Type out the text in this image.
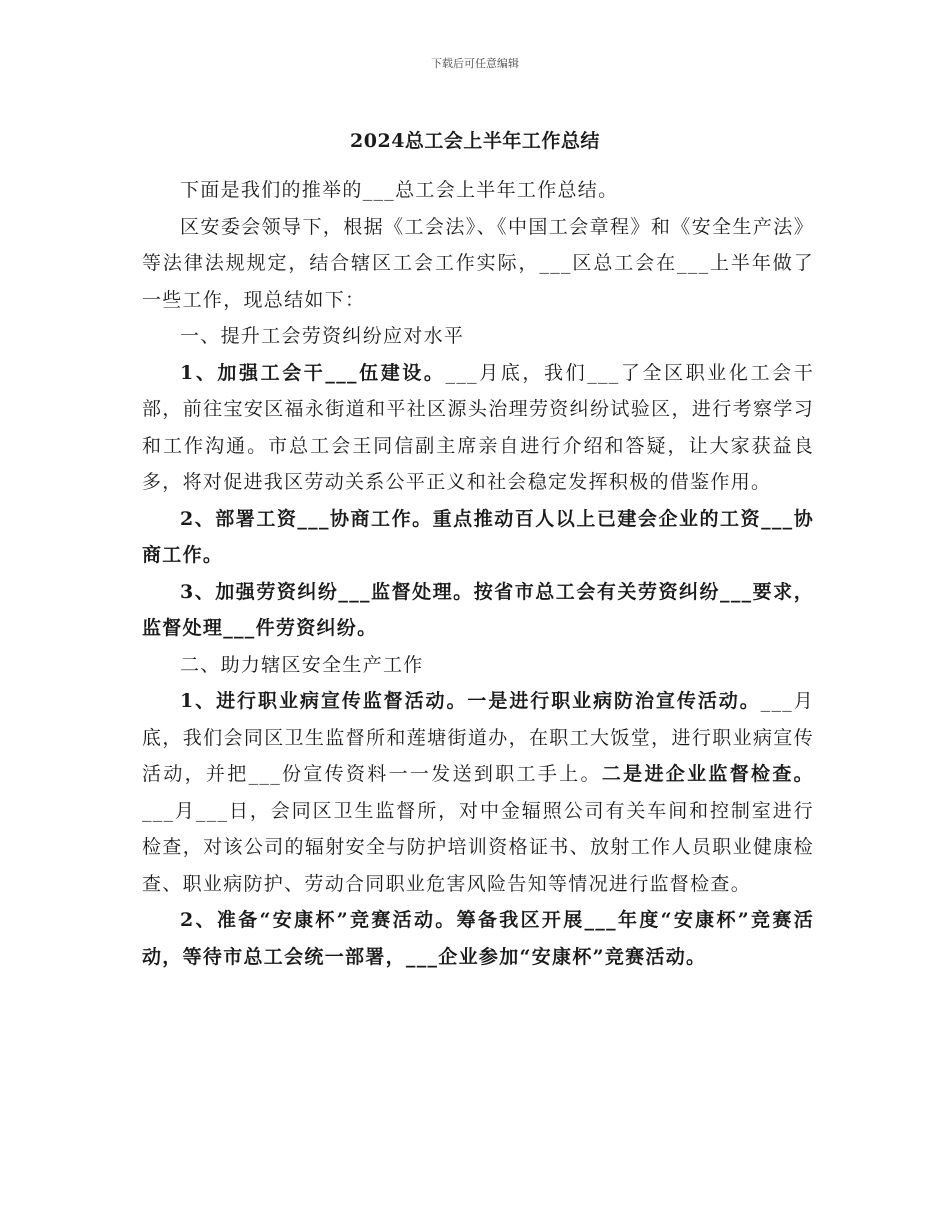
下载后可任意编辑
2024总工会上半年工作总结

下面是我们的推举的___总工会上半年工作总结。

区安委会领导下，根据《工会法》、《中国工会章程》和《安全生产法》等法律法规规定，结合辖区工会工作实际，___区总工会在___上半年做了一些工作，现总结如下：

一、提升工会劳资纠纷应对水平

1、加强工会干___伍建设。___月底，我们___了全区职业化工会干部，前往宝安区福永街道和平社区源头治理劳资纠纷试验区，进行考察学习和工作沟通。市总工会王同信副主席亲自进行介绍和答疑，让大家获益良多，将对促进我区劳动关系公平正义和社会稳定发挥积极的借鉴作用。

2、部署工资___协商工作。重点推动百人以上已建会企业的工资___协商工作。

3、加强劳资纠纷___监督处理。按省市总工会有关劳资纠纷___要求，监督处理___件劳资纠纷。

二、助力辖区安全生产工作

1、进行职业病宣传监督活动。一是进行职业病防治宣传活动。___月底，我们会同区卫生监督所和莲塘街道办，在职工大饭堂，进行职业病宣传活动，并把___份宣传资料一一发送到职工手上。二是进企业监督检查。___月___日，会同区卫生监督所，对中金辐照公司有关车间和控制室进行检查，对该公司的辐射安全与防护培训资格证书、放射工作人员职业健康检查、职业病防护、劳动合同职业危害风险告知等情况进行监督检查。

2、准备“安康杯”竞赛活动。筹备我区开展___年度“安康杯”竞赛活动，等待市总工会统一部署，___企业参加“安康杯”竞赛活动。
